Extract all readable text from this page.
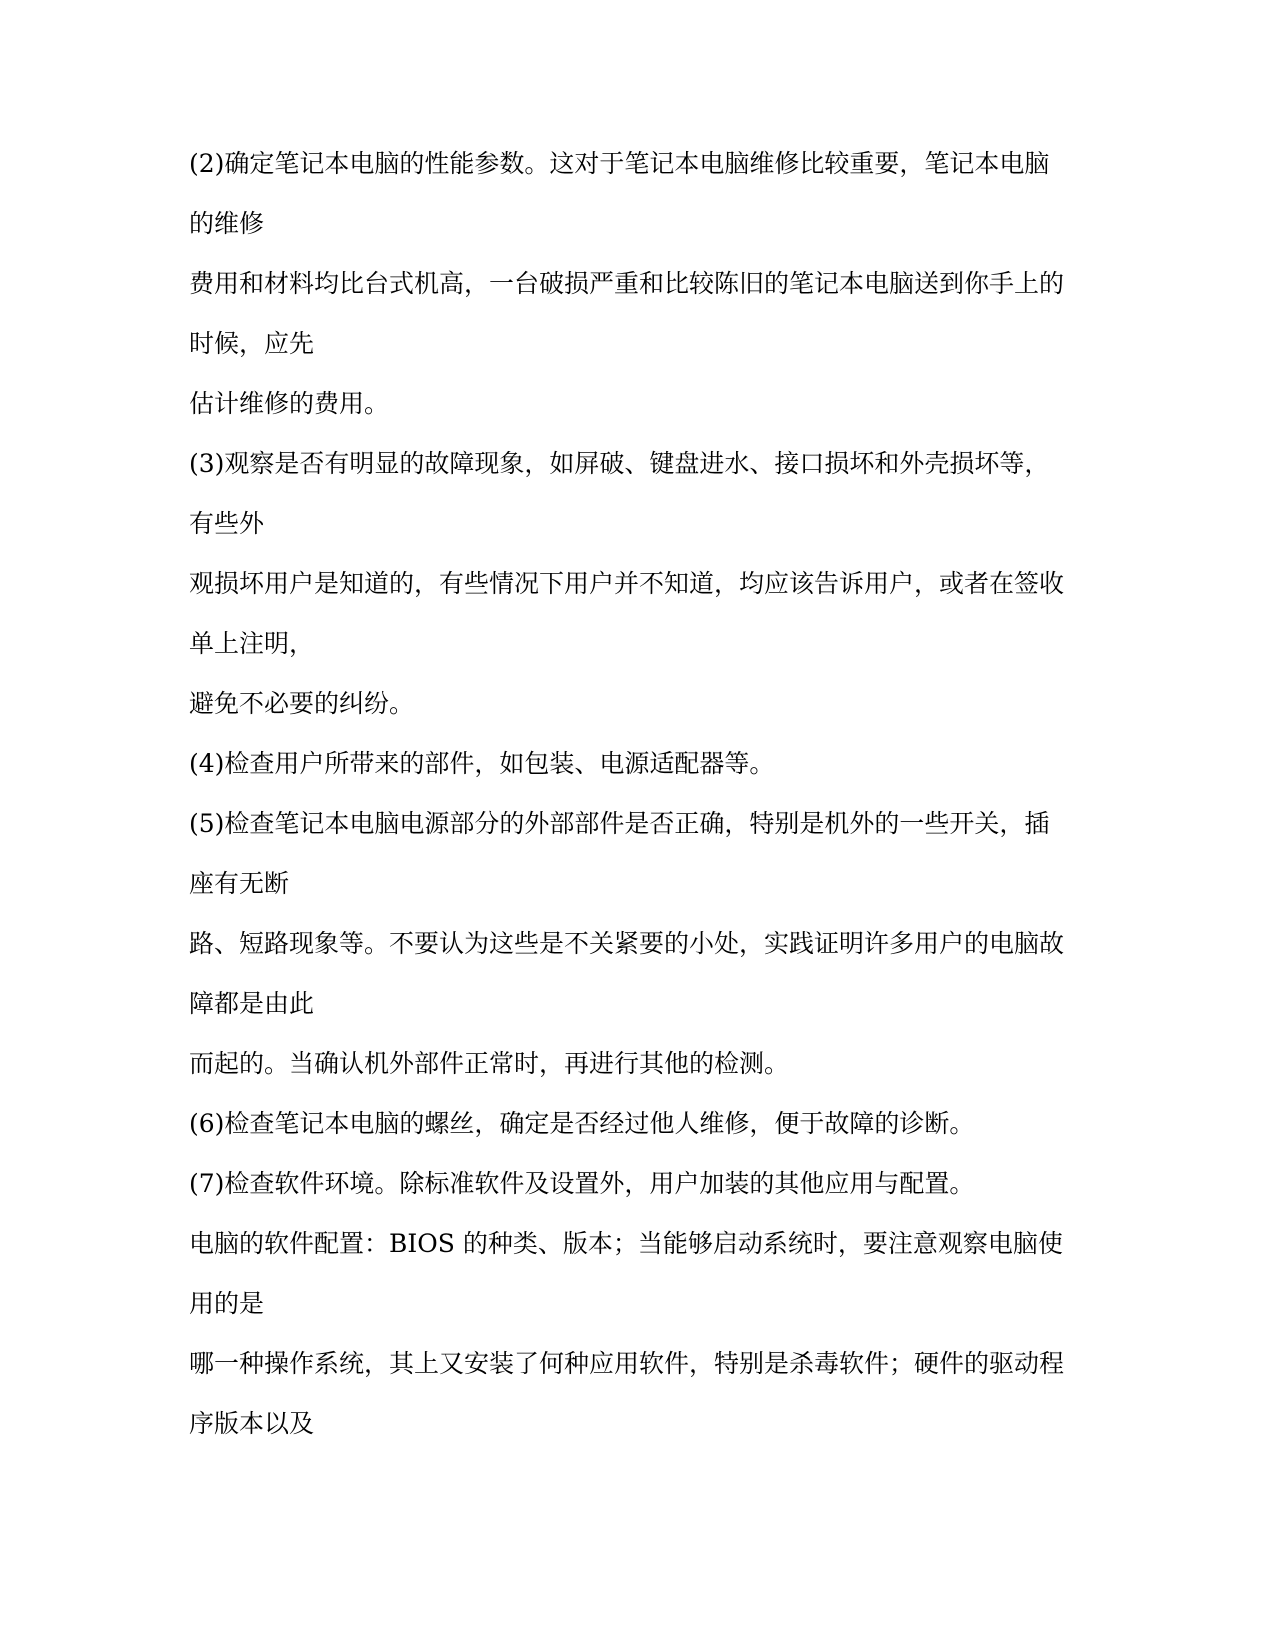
(2)确定笔记本电脑的性能参数。这对于笔记本电脑维修比较重要，笔记本电脑
的维修
费用和材料均比台式机高，一台破损严重和比较陈旧的笔记本电脑送到你手上的
时候，应先
估计维修的费用。
(3)观察是否有明显的故障现象，如屏破、键盘进水、接口损坏和外壳损坏等，
有些外
观损坏用户是知道的，有些情况下用户并不知道，均应该告诉用户，或者在签收
单上注明，
避免不必要的纠纷。
(4)检查用户所带来的部件，如包装、电源适配器等。
(5)检查笔记本电脑电源部分的外部部件是否正确，特别是机外的一些开关，插
座有无断
路、短路现象等。不要认为这些是不关紧要的小处，实践证明许多用户的电脑故
障都是由此
而起的。当确认机外部件正常时，再进行其他的检测。
(6)检查笔记本电脑的螺丝，确定是否经过他人维修，便于故障的诊断。
(7)检查软件环境。除标准软件及设置外，用户加装的其他应用与配置。
电脑的软件配置：BIOS 的种类、版本；当能够启动系统时，要注意观察电脑使
用的是
哪一种操作系统，其上又安装了何种应用软件，特别是杀毒软件；硬件的驱动程
序版本以及
